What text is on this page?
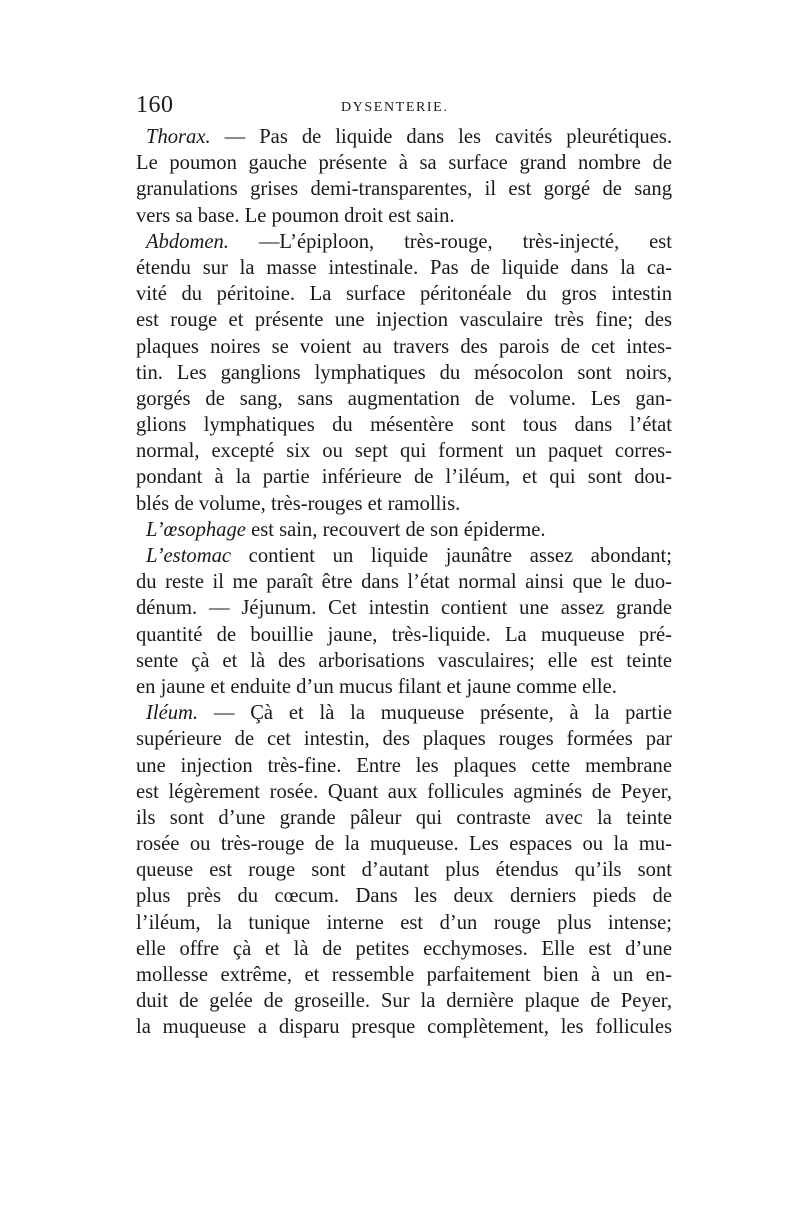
160	DYSENTERIE.
Thorax. — Pas de liquide dans les cavités pleurétiques.
Le poumon gauche présente à sa surface grand nombre de
granulations grises demi-transparentes, il est gorgé de sang
vers sa base. Le poumon droit est sain.
Abdomen. —L’épiploon, très-rouge, très-injecté, est
étendu sur la masse intestinale. Pas de liquide dans la ca-
vité du péritoine. La surface péritonéale du gros intestin
est rouge et présente une injection vasculaire très fine; des
plaques noires se voient au travers des parois de cet intes-
tin. Les ganglions lymphatiques du mésocolon sont noirs,
gorgés de sang, sans augmentation de volume. Les gan-
glions lymphatiques du mésentère sont tous dans l’état
normal, excepté six ou sept qui forment un paquet corres-
pondant à la partie inférieure de l’iléum, et qui sont dou-
blés de volume, très-rouges et ramollis.
L’œsophage est sain, recouvert de son épiderme.
L’estomac contient un liquide jaunâtre assez abondant;
du reste il me paraît être dans l’état normal ainsi que le duo-
dénum. — Jéjunum. Cet intestin contient une assez grande
quantité de bouillie jaune, très-liquide. La muqueuse pré-
sente çà et là des arborisations vasculaires; elle est teinte
en jaune et enduite d’un mucus filant et jaune comme elle.
Iléum. — Çà et là la muqueuse présente, à la partie
supérieure de cet intestin, des plaques rouges formées par
une injection très-fine. Entre les plaques cette membrane
est légèrement rosée. Quant aux follicules agminés de Peyer,
ils sont d’une grande pâleur qui contraste avec la teinte
rosée ou très-rouge de la muqueuse. Les espaces ou la mu-
queuse est rouge sont d’autant plus étendus qu’ils sont
plus près du cœcum. Dans les deux derniers pieds de
l’iléum, la tunique interne est d’un rouge plus intense;
elle offre çà et là de petites ecchymoses. Elle est d’une
mollesse extrême, et ressemble parfaitement bien à un en-
duit de gelée de groseille. Sur la dernière plaque de Peyer,
la muqueuse a disparu presque complètement, les follicules
